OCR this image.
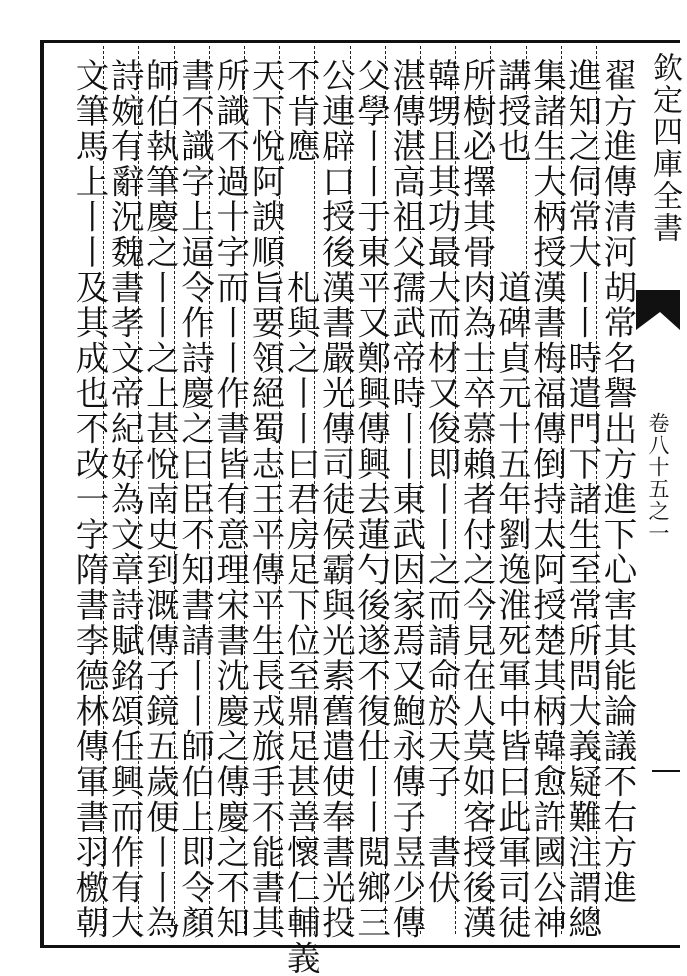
欽定四庫全書
卷八十五之一
翟方進傳清河胡常名譽出方進下心害其能論議不右方進
進知之伺常大丨丨時遣門下諸生至常所問大義疑難注謂總
集諸生大柄授漢書梅福傳倒持太阿授楚其柄韓愈許國公神
講授也　　　道碑貞元十五年劉逸淮死軍中皆曰此軍司徒
所樹必擇其骨肉為士卒慕賴者付之今見在人莫如客授後漢
韓甥且其功最大而材又俊即丨丨之而請命於天子　書伏
湛傳湛高祖父孺武帝時丨丨東武因家焉又鮑永傳子昱少傳
父學丨丨于東平又鄭興傳興去蓮勺後遂不復仕丨丨閲鄉三
公連辟口授後漢書嚴光傳司徒侯霸與光素舊遣使奉書光投
不肯應　　　札與之丨丨曰君房足下位至鼎足甚善懷仁輔義
天下悅阿諛順旨要領絕蜀志王平傳平生長戎旅手不能書其
所識不過十字而丨丨作書皆有意理宋書沈慶之傳慶之不知
書不識字上逼令作詩慶之曰臣不知書請丨丨師伯上即令顏
師伯執筆慶之丨丨之上甚悅南史到溉傳子鏡五歲便丨丨為
詩婉有辭況魏書孝文帝紀好為文章詩賦銘頌任興而作有大
文筆馬上丨丨及其成也不改一字隋書李德林傳軍書羽檄朝
